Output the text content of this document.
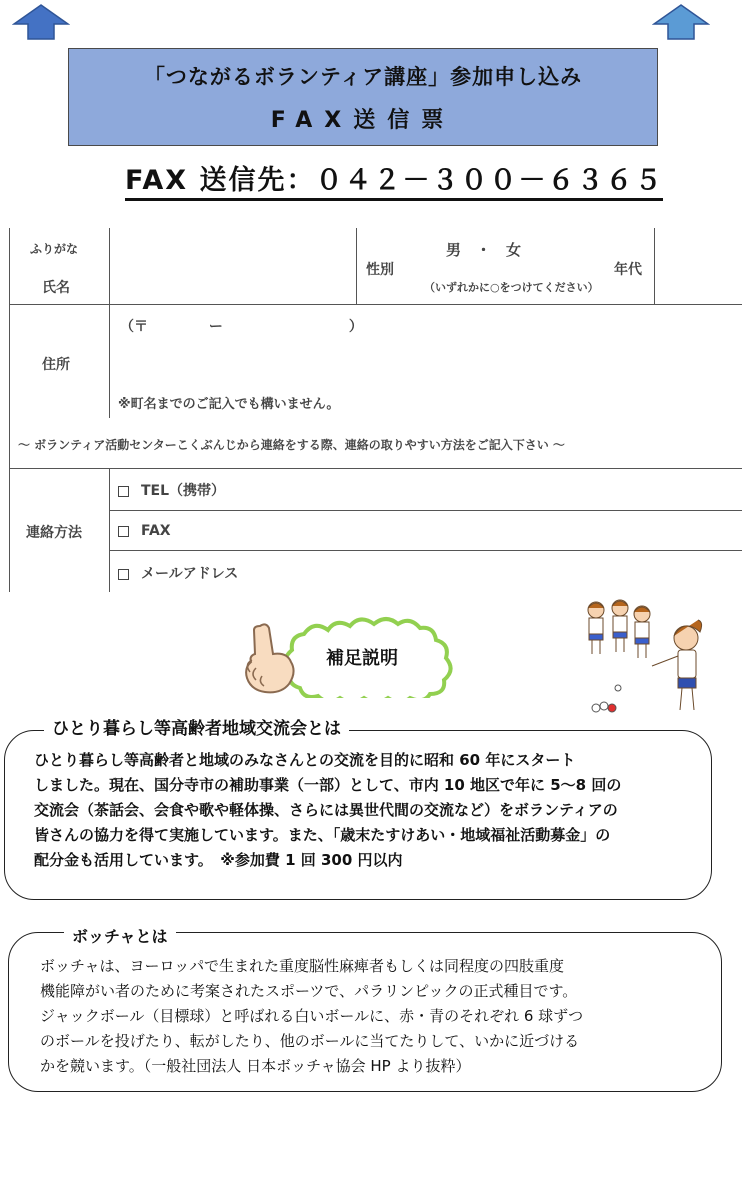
「つながるボランティア講座」参加申し込み
FAX送信票
FAX 送信先：０４２－３００－６３６５
ふりがな
氏名
性別
男　・　女
（いずれかに○をつけてください）
年代
住所
（〒　　　　 ー　　　　　　　　　）
※町名までのご記入でも構いません。
～ ボランティア活動センターこくぶんじから連絡をする際、連絡の取りやすい方法をご記入下さい ～
連絡方法
TEL（携帯）
FAX
メールアドレス
補足説明
ひとり暮らし等高齢者地域交流会とは
ひとり暮らし等高齢者と地域のみなさんとの交流を目的に昭和 60 年にスタート
しました。現在、国分寺市の補助事業（一部）として、市内 10 地区で年に 5～8 回の
交流会（茶話会、会食や歌や軽体操、さらには異世代間の交流など）をボランティアの
皆さんの協力を得て実施しています。また、「歳末たすけあい・地域福祉活動募金」の
配分金も活用しています。　※参加費 1 回 300 円以内
ボッチャとは
ボッチャは、ヨーロッパで生まれた重度脳性麻痺者もしくは同程度の四肢重度
機能障がい者のために考案されたスポーツで、パラリンピックの正式種目です。
ジャックボール（目標球）と呼ばれる白いボールに、赤・青のそれぞれ 6 球ずつ
のボールを投げたり、転がしたり、他のボールに当てたりして、いかに近づける
かを競います。（一般社団法人 日本ボッチャ協会 HP より抜粋）
